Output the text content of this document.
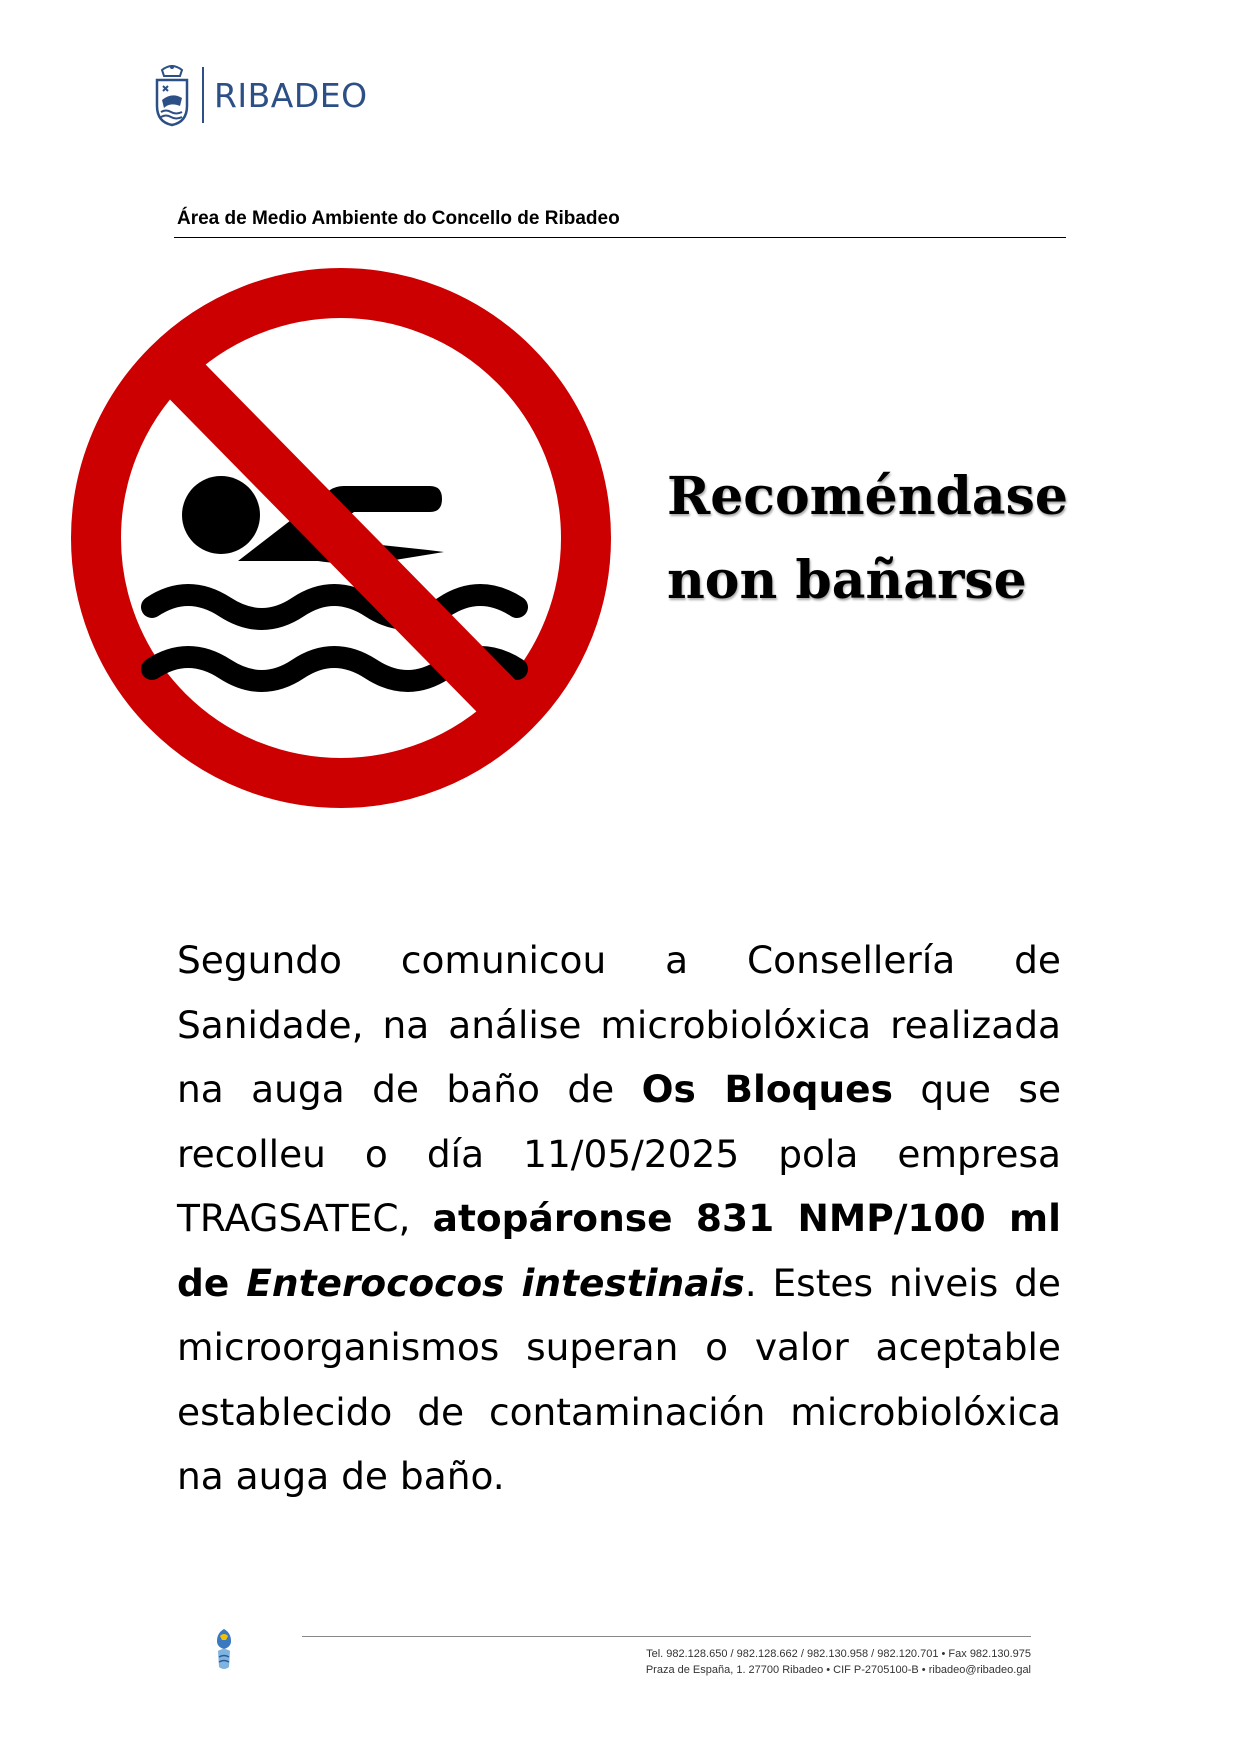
RIBADEO
Área de Medio Ambiente do Concello de Ribadeo
Recoméndase non bañarse
Segundo comunicou a Consellería de Sanidade, na análise microbiolóxica realizada na auga de baño de Os Bloques que se recolleu o día 11/05/2025 pola empresa TRAGSATEC, atopáronse 831 NMP/100 ml de Enterococos intestinais. Estes niveis de microorganismos superan o valor aceptable establecido de contaminación microbiolóxica na auga de baño.
Tel. 982.128.650 / 982.128.662 / 982.130.958 / 982.120.701 • Fax 982.130.975
Praza de España, 1. 27700 Ribadeo • CIF P-2705100-B • ribadeo@ribadeo.gal
